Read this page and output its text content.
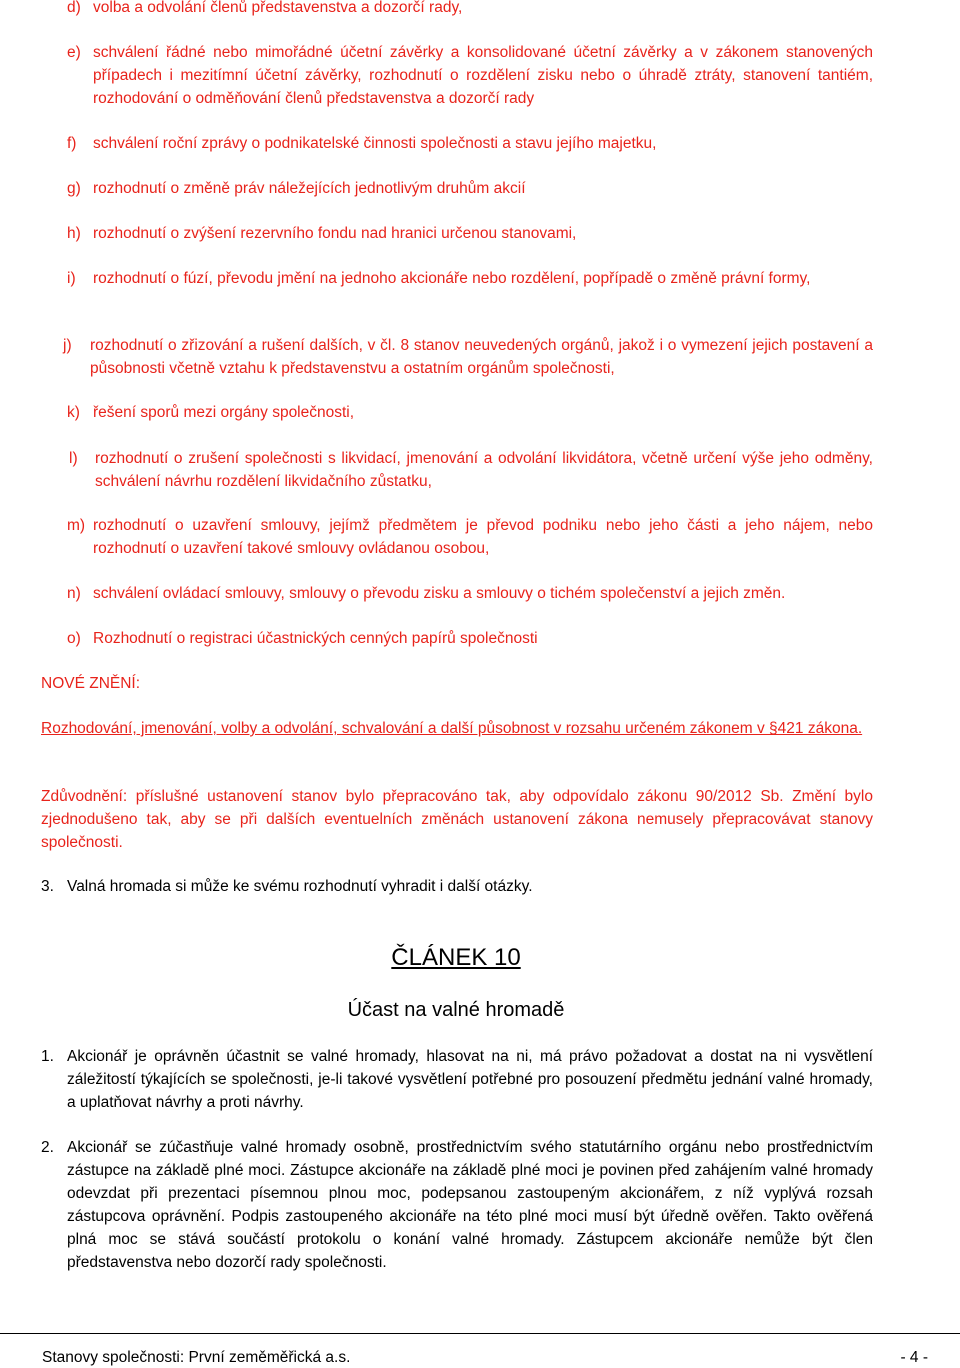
d) volba a odvolání členů představenstva a dozorčí rady,
e) schválení řádné nebo mimořádné účetní závěrky a konsolidované účetní závěrky a v zákonem stanovených případech i mezitímní účetní závěrky, rozhodnutí o rozdělení zisku nebo o úhradě ztráty, stanovení tantiém, rozhodování o odměňování členů představenstva a dozorčí rady
f)	schválení roční zprávy o podnikatelské činnosti společnosti a stavu jejího majetku,
g) rozhodnutí o změně práv náležejících jednotlivým druhům akcií
h) rozhodnutí o zvýšení rezervního fondu nad hranici určenou stanovami,
i)	rozhodnutí o fúzí, převodu jmění na jednoho akcionáře nebo rozdělení, popřípadě o změně právní formy,
j)	rozhodnutí o zřizování a rušení dalších, v čl. 8 stanov neuvedených orgánů, jakož i o vymezení jejich postavení a působnosti včetně vztahu k představenstvu a ostatním orgánům společnosti,
k) řešení sporů mezi orgány společnosti,
l)	rozhodnutí o zrušení společnosti s likvidací, jmenování a odvolání likvidátora, včetně určení výše jeho odměny, schválení návrhu rozdělení likvidačního zůstatku,
m) rozhodnutí o uzavření smlouvy, jejímž předmětem je převod podniku nebo jeho části a jeho nájem, nebo rozhodnutí o uzavření takové smlouvy ovládanou osobou,
n) schválení ovládací smlouvy, smlouvy o převodu zisku a smlouvy o tichém společenství a jejich změn.
o) Rozhodnutí o registraci účastnických cenných papírů společnosti
NOVÉ ZNĚNÍ:
Rozhodování, jmenování, volby a odvolání, schvalování a další působnost v rozsahu určeném zákonem v §421 zákona.
Zdůvodnění: příslušné ustanovení stanov bylo přepracováno tak, aby odpovídalo zákonu 90/2012 Sb. Změní bylo zjednodušeno tak, aby se při dalších eventuelních změnách ustanovení zákona nemusely přepracovávat stanovy společnosti.
3. Valná hromada si může ke svému rozhodnutí vyhradit i další otázky.
ČLÁNEK 10
Účast na valné hromadě
1. Akcionář je oprávněn účastnit se valné hromady, hlasovat na ni, má právo požadovat a dostat na ni vysvětlení záležitostí týkajících se společnosti, je-li takové vysvětlení potřebné pro posouzení předmětu jednání valné hromady, a uplatňovat návrhy a proti návrhy.
2. Akcionář se zúčastňuje valné hromady osobně, prostřednictvím svého statutárního orgánu nebo prostřednictvím zástupce na základě plné moci. Zástupce akcionáře na základě plné moci je povinen před zahájením valné hromady odevzdat při prezentaci písemnou plnou moc, podepsanou zastoupeným akcionářem, z níž vyplývá rozsah zástupcova oprávnění. Podpis zastoupeného akcionáře na této plné moci musí být úředně ověřen. Takto ověřená plná moc se stává součástí protokolu o konání valné hromady. Zástupcem akcionáře nemůže být člen představenstva nebo dozorčí rady společnosti.
Stanovy společnosti: První zeměměřická a.s.	- 4 -
